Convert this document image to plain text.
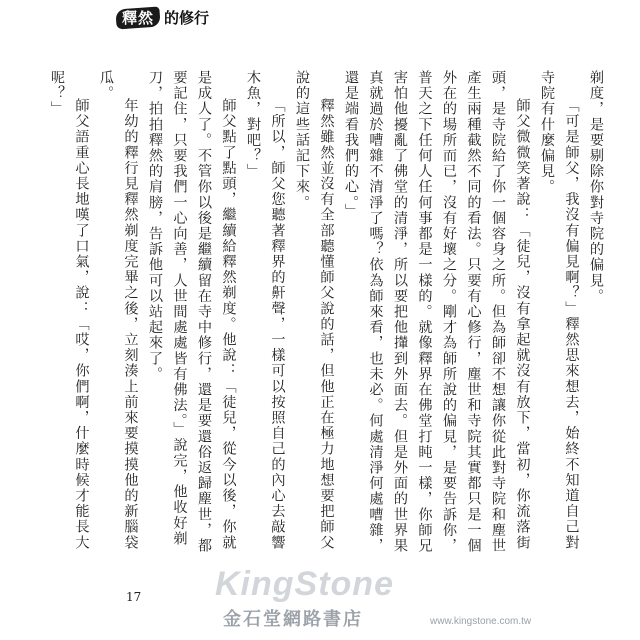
釋然 的修行

剃度，是要剔除你對寺院的偏見。

「可是師父，我沒有偏見啊？」釋然思來想去，始終不知道自己對寺院有什麼偏見。

師父微微笑著說：「徒兒，沒有拿起就沒有放下，當初，你流落街頭，是寺院給了你一個容身之所。但為師卻不想讓你從此對寺院和塵世產生兩種截然不同的看法。只要有心修行，塵世和寺院其實都只是一個外在的場所而已，沒有好壞之分。剛才為師所說的偏見，是要告訴你，普天之下任何人任何事都是一樣的。就像釋界在佛堂打盹一樣，你師兄害怕他擾亂了佛堂的清淨，所以要把他攆到外面去。但是外面的世界果真就過於嘈雜不清淨了嗎？依為師來看，也未必。何處清淨何處嘈雜，還是端看我們的心。」

釋然雖然並沒有全部聽懂師父說的話，但他正在極力地想要把師父說的這些話記下來。

「所以，師父您聽著釋界的鼾聲，一樣可以按照自己的內心去敲響木魚，對吧？」

師父點了點頭，繼續給釋然剃度。他說：「徒兒，從今以後，你就是成人了。不管你以後是繼續留在寺中修行，還是要還俗返歸塵世，都要記住，只要我們一心向善，人世間處處皆有佛法。」說完，他收好剃刀，拍拍釋然的肩膀，告訴他可以站起來了。

年幼的釋行見釋然剃度完畢之後，立刻湊上前來要摸摸他的新腦袋瓜。

師父語重心長地嘆了口氣，說：「哎，你們啊，什麼時候才能長大呢？」

KingStone
17
金石堂網路書店	www.kingstone.com.tw
